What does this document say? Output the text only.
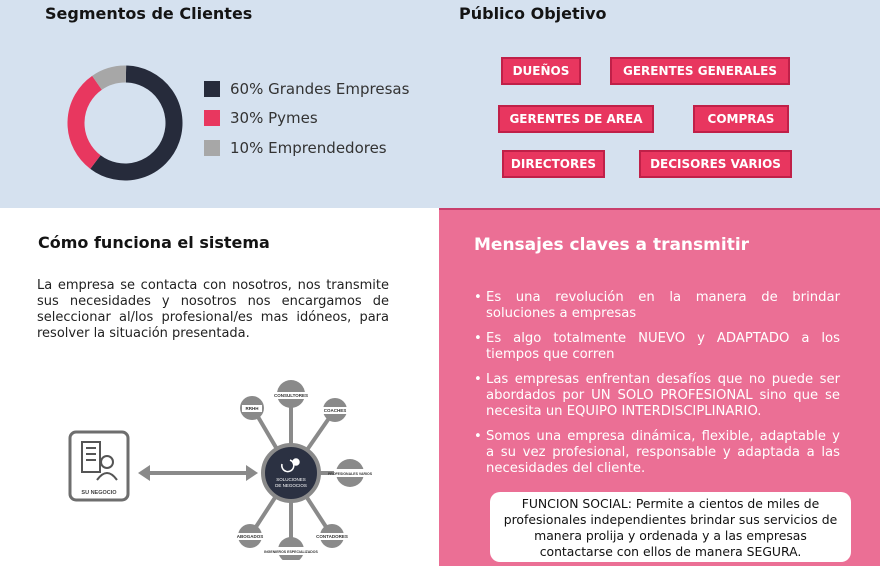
Segmentos de Clientes
60% Grandes Empresas
30% Pymes
10% Emprendedores
Público Objetivo
DUEÑOS	GERENTES GENERALES
GERENTES DE AREA	COMPRAS
DIRECTORES	DECISORES VARIOS
Cómo funciona el sistema
La empresa se contacta con nosotros, nos transmite sus necesidades y nosotros nos encargamos de seleccionar al/los profesional/es mas idóneos, para resolver la situación presentada.
SU NEGOCIO
CONSULTORES
COACHES
PROFESIONALES VARIOS
CONTADORES
INGENIEROS ESPECIALIZADOS
ABOGADOS
RRHH
SOLUCIONES
DE NEGOCIOS
Mensajes claves a transmitir
• Es una revolución en la manera de brindar soluciones a empresas
• Es algo totalmente NUEVO y ADAPTADO a los tiempos que corren
• Las empresas enfrentan desafíos que no puede ser abordados por UN SOLO PROFESIONAL sino que se necesita un EQUIPO INTERDISCIPLINARIO.
• Somos una empresa dinámica, flexible, adaptable y a su vez profesional, responsable y adaptada a las necesidades del cliente.
FUNCION SOCIAL: Permite a cientos de miles de profesionales independientes brindar sus servicios de manera prolija y ordenada y a las empresas contactarse con ellos de manera SEGURA.
